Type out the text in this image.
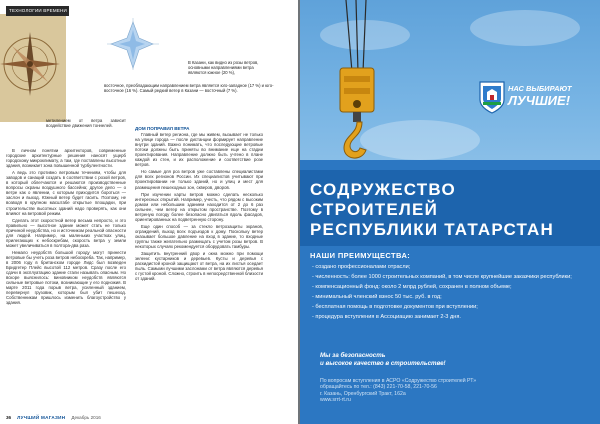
ТЕХНОЛОГИИ ВРЕМЕНИ
В Казани, как видно из розы ветров, основными направлениями ветра являются южное (20 %),
восточное, преобладающим направлением ветра является юго-западное (17 %) и юго-восточное (16 %). Самый редкий ветер в Казани — восточный (7 %).
метилением от ветра зависит воздействие движения тоннелей.

В личном понятии архитекторов, современные городские архитектурные решения наносят ущерб городскому микроклимату, а там, где поставлены высотные здания, возникает зона повышенной турбулентности.

А ведь это противно ветровым течениям, чтобы для заводов и санаций создать в соответствии с розой ветров, в который облегчаются и решаются производственные вопросы охраны воздушного бассейна; другое дело — о ветре как о явлении, с которым приходится бороться — заслон и выход. Южный ветер будет гасить. Поэтому, не возводя в крупном масштабе открытые площадки, при строительстве высотных зданий надо проверять, как они влияют на ветровой режим.

Сделать этот скоростной ветер весьма непросто, и это правильно — высотное здание может стать не только причиной неудобства, но и источником реальной опасности для людей. Например, на маленьких участках улиц, прилегающих к небоскребам, скорость ветра у земли может увеличиваться в полтора-два раза.

Немало неудобств большой городу могут принести ветровые бы учеть роза ветров небоскреба. Так, например, в 2006 году в британском городе Лидс был возведен Бридгетер Плейс высотой 112 метров. Сразу после его сдачи в эксплуатацию здание стали называть опасным. Но вскоре выяснилось: виновником неудобств являются сильные ветровые потоки, возникающие у его подножия. В марте 2011 года порыв ветра, усиленный зданием, перевернул грузовик, которым был убит пешеход. Собственникам пришлось изменить благоустройство у здания.

ДОМ ПОПРАВИЛ ВЕТРА

Главный ветер региона, где мы живем, вызывает не только на улице города — после дистанции формирует направление внутри зданий. Важно понимать, что последующие ветровые потоки должны быть приняты во внимание еще на стадии проектирования. Направление должно быть учтено в плане каждой из стен, и их расположение и соответствие розе ветров.

Но самые для роз ветров уже составлены специалистами для всех регионов России. Их специалистов учитывают при проектировании не только зданий, но и улиц и мест для размещения пешеходных зон, скверов, дворов.

При изучении карты ветров можно сделать несколько интересных открытий. Например, учесть, что рядом с высоким домом или небольшим зданием находится от 2 до 6 раз сильнее, чем ветер на открытом пространстве. Поэтому в ветреную погоду более безопасно двигаться вдоль фасадов, ориентированных на подветренную сторону.

Еще один способ — за стекло ветрозащиты экранов, ограждений, выход всех подъездов к дому. Поскольку ветер оказывает большое давление на вход в здание, то входные группы также желательно размещать с учетом розы ветров. В некоторых случаях рекомендуется оборудовать тамбуры.

Защитить внутренний двор и окна можно при помощи зелени: кустарников и деревьев. Кусты и деревья с раскидистой кроной защищают от ветра, на их листья оседает пыль. Самыми лучшими заслонами от ветра являются деревья с густой кроной. Сложно, строить в непосредственной близости от зданий.

36 ЛУЧШИЙ МАГАЗИН Декабрь 2016
НАС ВЫБИРАЮТ
ЛУЧШИЕ!
СОДРУЖЕСТВО
СТРОИТЕЛЕЙ
РЕСПУБЛИКИ ТАТАРСТАН
НАШИ ПРЕИМУЩЕСТВА:
- создано профессионалами отрасли;
- численность: более 1000 строительных компаний, в том числе крупнейшие заказчики республики;
- компенсационный фонд: около 2 млрд рублей, сохранен в полном объеме;
- минимальный членский взнос 50 тыс. руб. в год;
- бесплатная помощь в подготовке документов при вступлении;
- процедура вступления в Ассоциацию занимает 2-3 дня.
Мы за безопасность
и высокое качество в строительстве!
По вопросам вступления в АСРО «Содружество строителей РТ»
обращайтесь по тел.: (843) 221-70-58, 221-70-56
г. Казань, Оренбургский Тракт, 162а
www.srrt-rt.ru
